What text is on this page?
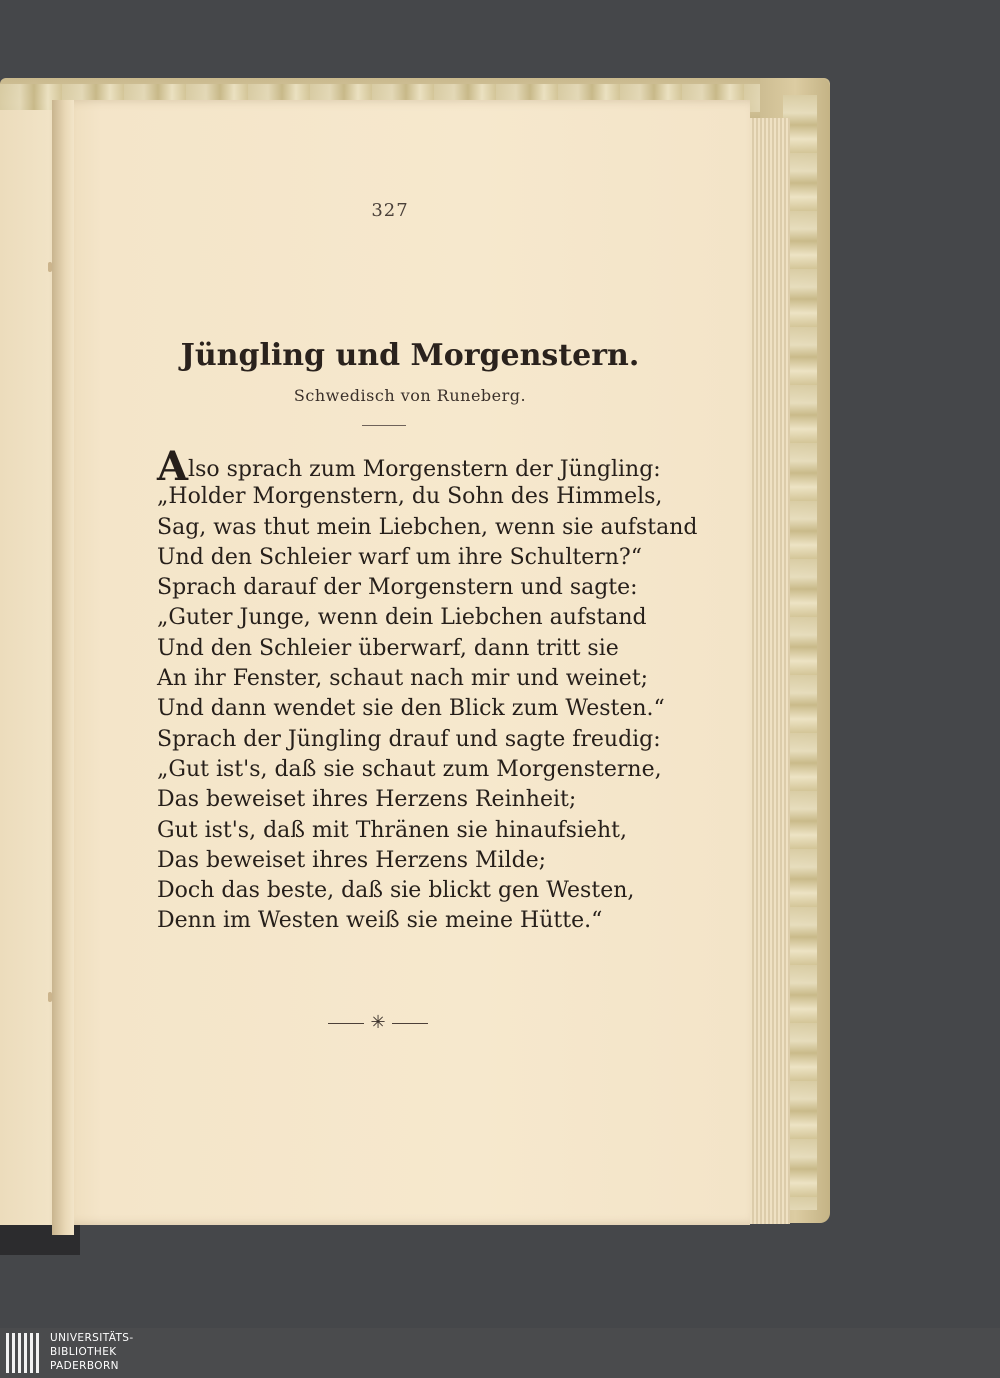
327
Jüngling und Morgenstern.
Schwedisch von Runeberg.
Also sprach zum Morgenstern der Jüngling:
„Holder Morgenstern, du Sohn des Himmels,
Sag, was thut mein Liebchen, wenn sie aufstand
Und den Schleier warf um ihre Schultern?“
Sprach darauf der Morgenstern und sagte:
„Guter Junge, wenn dein Liebchen aufstand
Und den Schleier überwarf, dann tritt sie
An ihr Fenster, schaut nach mir und weinet;
Und dann wendet sie den Blick zum Westen.“
Sprach der Jüngling drauf und sagte freudig:
„Gut ist's, daß sie schaut zum Morgensterne,
Das beweiset ihres Herzens Reinheit;
Gut ist's, daß mit Thränen sie hinaufsieht,
Das beweiset ihres Herzens Milde;
Doch das beste, daß sie blickt gen Westen,
Denn im Westen weiß sie meine Hütte.“
✳
UNIVERSITÄTS-
BIBLIOTHEK
PADERBORN
